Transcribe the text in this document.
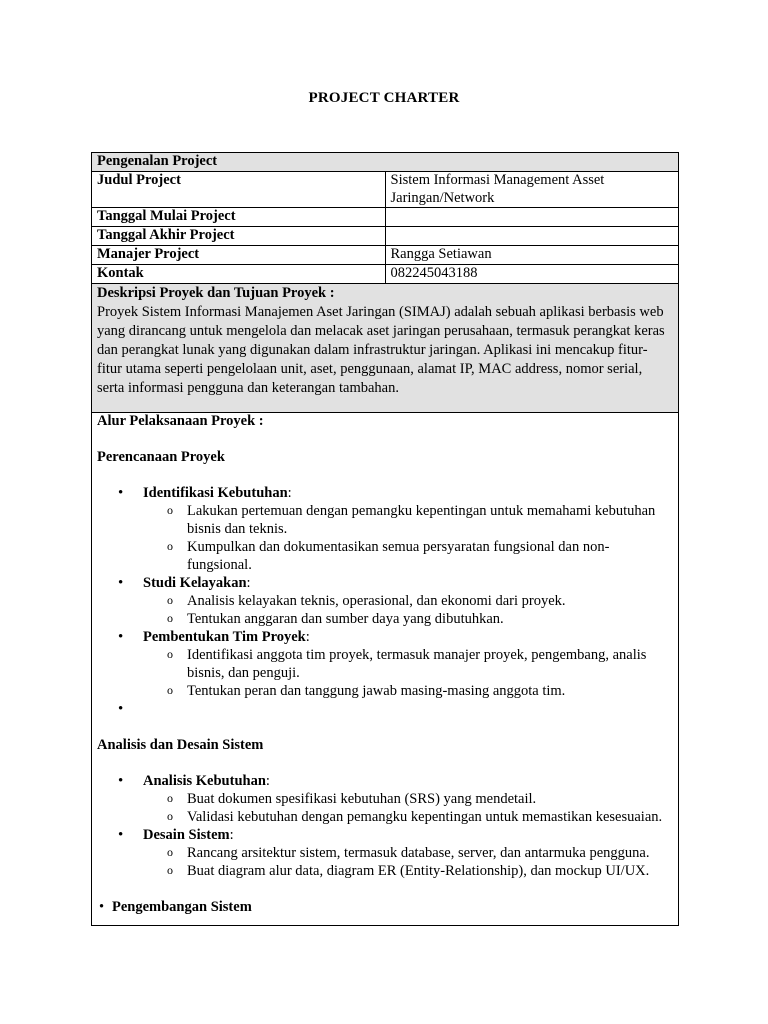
PROJECT CHARTER
Pengenalan Project	
Judul Project	Sistem Informasi Management Asset Jaringan/Network
Tanggal Mulai Project	
Tanggal Akhir Project	
Manajer Project	Rangga Setiawan
Kontak	082245043188
Deskripsi Proyek dan Tujuan Proyek :
Proyek Sistem Informasi Manajemen Aset Jaringan (SIMAJ) adalah sebuah aplikasi berbasis web yang dirancang untuk mengelola dan melacak aset jaringan perusahaan, termasuk perangkat keras dan perangkat lunak yang digunakan dalam infrastruktur jaringan. Aplikasi ini mencakup fitur-fitur utama seperti pengelolaan unit, aset, penggunaan, alamat IP, MAC address, nomor serial, serta informasi pengguna dan keterangan tambahan.
Alur Pelaksanaan Proyek :
Perencanaan Proyek
• Identifikasi Kebutuhan:
o Lakukan pertemuan dengan pemangku kepentingan untuk memahami kebutuhan bisnis dan teknis.
o Kumpulkan dan dokumentasikan semua persyaratan fungsional dan non-fungsional.
• Studi Kelayakan:
o Analisis kelayakan teknis, operasional, dan ekonomi dari proyek.
o Tentukan anggaran dan sumber daya yang dibutuhkan.
• Pembentukan Tim Proyek:
o Identifikasi anggota tim proyek, termasuk manajer proyek, pengembang, analis bisnis, dan penguji.
o Tentukan peran dan tanggung jawab masing-masing anggota tim.
•
Analisis dan Desain Sistem
• Analisis Kebutuhan:
o Buat dokumen spesifikasi kebutuhan (SRS) yang mendetail.
o Validasi kebutuhan dengan pemangku kepentingan untuk memastikan kesesuaian.
• Desain Sistem:
o Rancang arsitektur sistem, termasuk database, server, dan antarmuka pengguna.
o Buat diagram alur data, diagram ER (Entity-Relationship), dan mockup UI/UX.
• Pengembangan Sistem
